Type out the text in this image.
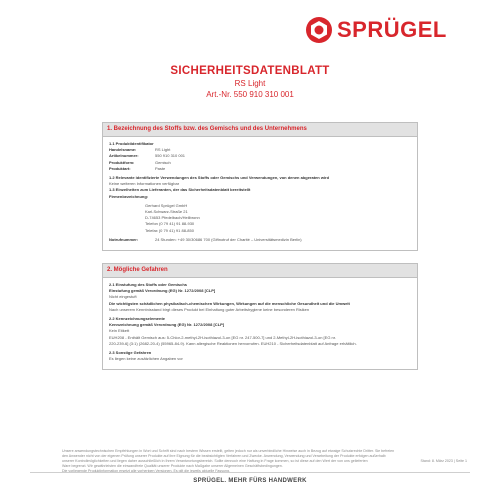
SPRÜGEL
SICHERHEITSDATENBLATT
RS Light
Art.-Nr. 550 910 310 001
1. Bezeichnung des Stoffs bzw. des Gemischs und des Unternehmens
1.1 Produktidentifikator
Handelsname:	RS Light
Artikelnummer:	550 910 310 001
Produktform:	Gemisch
Produktart:	Paste
1.2 Relevante identifizierte Verwendungen des Stoffs oder Gemischs und Verwendungen, von denen abgeraten wird
Keine weiteren Informationen verfügbar
1.3 Einzelheiten zum Lieferanten, der das Sicherheitsdatenblatt bereitstellt
Firmenbezeichnung:
Gerhard Sprügel GmbH
Karl-Schwarz-Straße 21
D-74653 Pfedelbach/Heilbronn
Telefon (0 79 41) 91 88-930
Telefax (0 79 41) 91 88-850
Notrufnummer:	24 Stunden: +49 30/30686 700 (Giftnotruf der Charité – Universitätsmedizin Berlin)
2. Mögliche Gefahren
2.1 Einstufung des Stoffs oder Gemischs
Einstufung gemäß Verordnung (EG) Nr. 1272/2008 [CLP]
Nicht eingestuft
Die wichtigsten schädlichen physikalisch-chemischen Wirkungen, Wirkungen auf die menschliche Gesundheit und die Umwelt
Nach unserem Kenntnisstand birgt dieses Produkt bei Einhaltung guter Arbeitshygiene keine besonderen Risiken
2.2 Kennzeichnungselemente
Kennzeichnung gemäß Verordnung (EG) Nr. 1272/2008 [CLP]
Kein Etikett
EUH208 - Enthält Gemisch aus: 5-Chlor-2-methyl-2H-isothiazol-3-on [EG nr. 247-500-7] und 2-Methyl-2H-isothiazol-3-on [EG nr.
220-239-6] (3:1) (2682-20-4) (55965-84-9). Kann allergische Reaktionen hervorrufen. EUH210 - Sicherheitsdatenblatt auf Anfrage erhältlich.
2.3 Sonstige Gefahren
Es liegen keine zusätzlichen Angaben vor
Unsere anwendungstechnischen Empfehlungen in Wort und Schrift sind nach bestem Wissen erstellt, gelten jedoch nur als unverbindliche Hinweise auch in Bezug auf etwaige Schutzrechte Dritter. Sie befreien
den Anwender nicht von der eigenen Prüfung unserer Produkte auf ihre Eignung für die beabsichtigten Verfahren und Zwecke. Anwendung, Verwendung und Verarbeitung der Produkte erfolgen außerhalb
unserer Kontrollmöglichkeiten und liegen daher ausschließlich in Ihrem Verantwortungsbereich. Sollte dennoch eine Haftung in Frage kommen, so ist diese auf den Wert der von uns gelieferten
Ware begrenzt. Wir gewährleisten die einwandfreie Qualität unserer Produkte nach Maßgabe unserer Allgemeinen Geschäftsbedingungen.
Die vorliegende Produktinformation ersetzt alle vorherigen Versionen. Es gilt die jeweils aktuelle Fassung.
Stand: 8. März 2023 | Seite 1
SPRÜGEL. MEHR FÜRS HANDWERK
